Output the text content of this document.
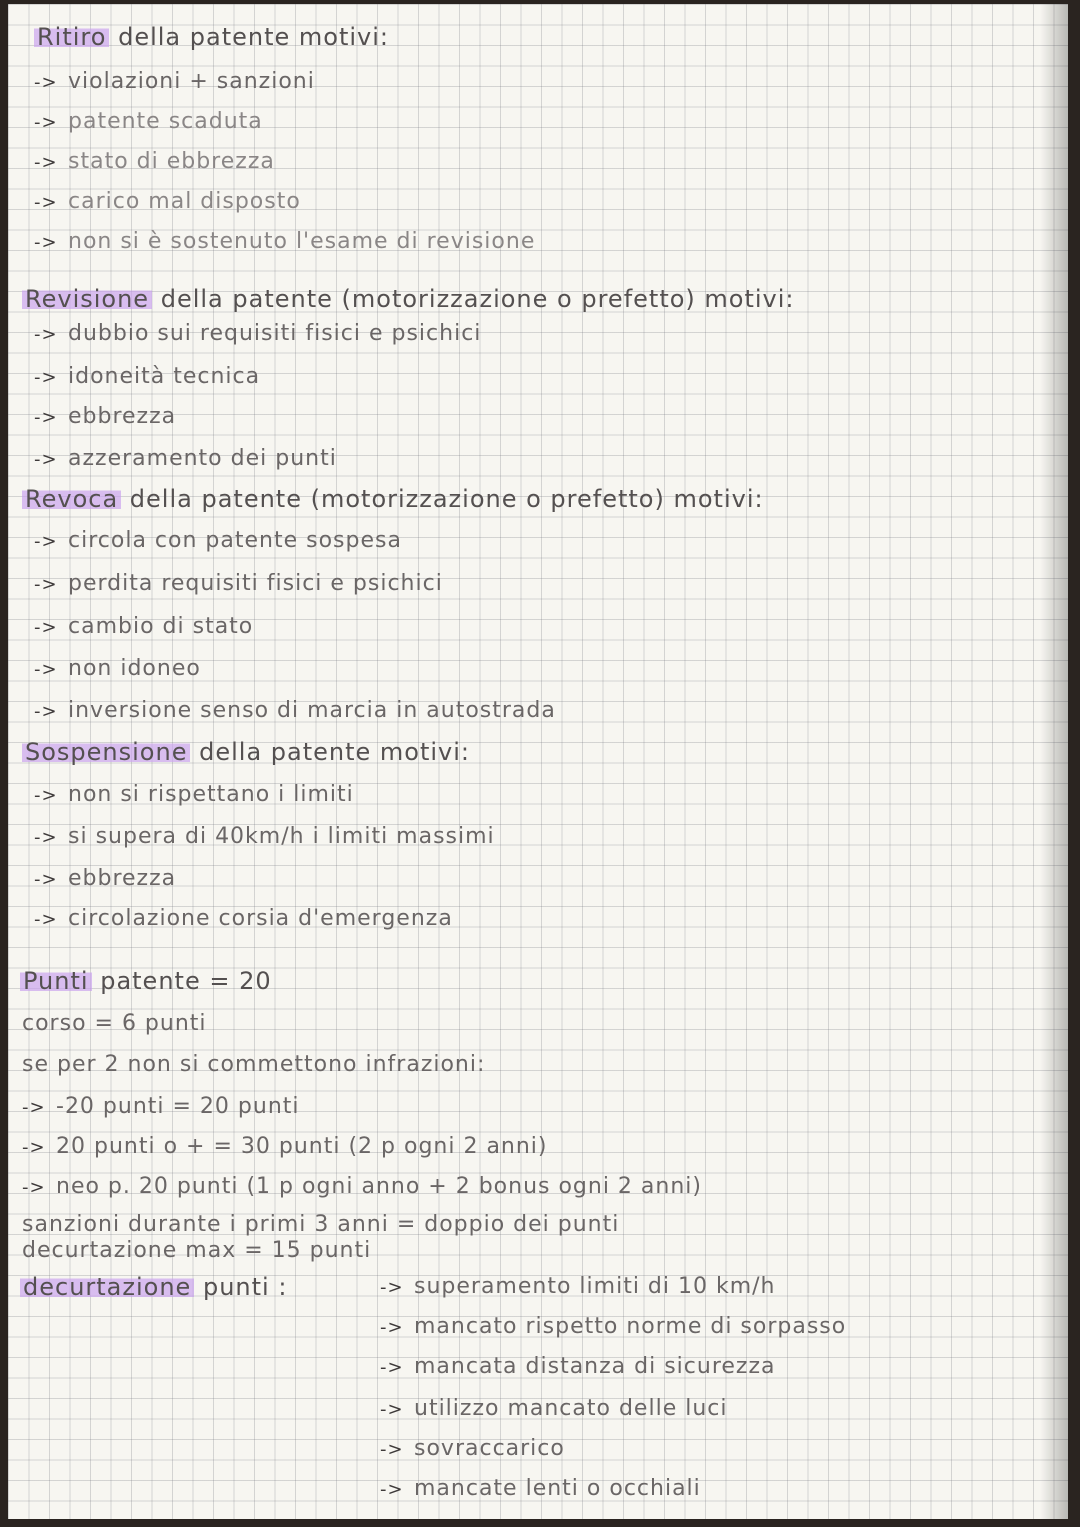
Ritiro della patente motivi:
-> violazioni + sanzioni
-> patente scaduta
-> stato di ebbrezza
-> carico mal disposto
-> non si è sostenuto l'esame di revisione
Revisione della patente (motorizzazione o prefetto) motivi:
-> dubbio sui requisiti fisici e psichici
-> idoneità tecnica
-> ebbrezza
-> azzeramento dei punti
Revoca della patente (motorizzazione o prefetto) motivi:
-> circola con patente sospesa
-> perdita requisiti fisici e psichici
-> cambio di stato
-> non idoneo
-> inversione senso di marcia in autostrada
Sospensione della patente motivi:
-> non si rispettano i limiti
-> si supera di 40km/h i limiti massimi
-> ebbrezza
-> circolazione corsia d'emergenza
Punti patente = 20
corso = 6 punti
se per 2 non si commettono infrazioni:
-> -20 punti = 20 punti
-> 20 punti o + = 30 punti (2 p ogni 2 anni)
-> neo p. 20 punti (1 p ogni anno + 2 bonus ogni 2 anni)
sanzioni durante i primi 3 anni = doppio dei punti
decurtazione max = 15 punti
decurtazione punti :	-> superamento limiti di 10 km/h
-> mancato rispetto norme di sorpasso
-> mancata distanza di sicurezza
-> utilizzo mancato delle luci
-> sovraccarico
-> mancate lenti o occhiali
